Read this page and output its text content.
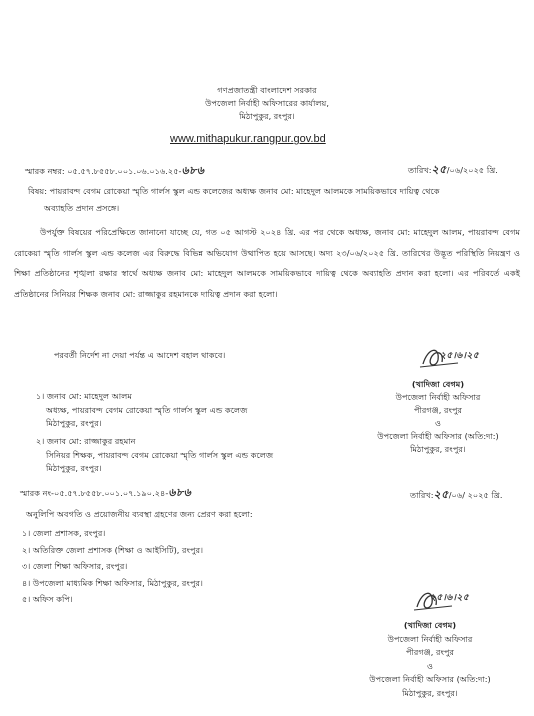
গণপ্রজাতন্ত্রী বাংলাদেশ সরকার
উপজেলা নির্বাহী অফিসারের কার্যালয়,
মিঠাপুকুর, রংপুর।
www.mithapukur.rangpur.gov.bd
স্মারক নম্বর: ০৫.৫৭.৮৫৫৮.০০১.০৬.০১৬.২৫-৬৮৬	তারিখ:২৫/০৬/২০২৫ খ্রি.
বিষয়: পায়রাবন্দ বেগম রোকেয়া স্মৃতি গার্লস স্কুল এন্ড কলেজের অধ্যক্ষ জনাব মো: মাহেদুল আলমকে সাময়িকভাবে দায়িত্ব থেকে
অব্যাহতি প্রদান প্রসঙ্গে।
উপর্যুক্ত বিষয়ের পরিপ্রেক্ষিতে জানানো যাচ্ছে যে, গত ০৫ আগস্ট ২০২৪ খ্রি. এর পর থেকে অধ্যক্ষ, জনাব মো: মাহেদুল আলম, পায়রাবন্দ বেগম রোকেয়া স্মৃতি গার্লস স্কুল এন্ড কলেজ এর বিরুদ্ধে বিভিন্ন অভিযোগ উত্থাপিত হয়ে আসছে। অদ্য ২৩/০৬/২০২৫ খ্রি. তারিখের উদ্ভূত পরিস্থিতি নিয়ন্ত্রণ ও শিক্ষা প্রতিষ্ঠানের শৃঙ্খলা রক্ষার স্বার্থে অধ্যক্ষ জনাব মো: মাহেদুল আলমকে সাময়িকভাবে দায়িত্ব থেকে অব্যাহতি প্রদান করা হলো। এর পরিবর্তে একই প্রতিষ্ঠানের সিনিয়র শিক্ষক জনাব মো: রাজ্জাকুর রহমানকে দায়িত্ব প্রদান করা হলো।
পরবর্তী নির্দেশ না দেয়া পর্যন্ত এ আদেশ বহাল থাকবে।	২৫।৬।২৫
(খাদিজা বেগম)
উপজেলা নির্বাহী অফিসার
পীরগঞ্জ, রংপুর
ও
উপজেলা নির্বাহী অফিসার (অতি:দা:)
মিঠাপুকুর, রংপুর।
১। জনাব মো: মাহেদুল আলম
অধ্যক্ষ, পায়রাবন্দ বেগম রোকেয়া স্মৃতি গার্লস স্কুল এন্ড কলেজ
মিঠাপুকুর, রংপুর।
২। জনাব মো: রাজ্জাকুর রহমান
সিনিয়র শিক্ষক, পায়রাবন্দ বেগম রোকেয়া স্মৃতি গার্লস স্কুল এন্ড কলেজ
মিঠাপুকুর, রংপুর।
স্মারক নং-০৫.৫৭.৮৫৫৮.০০১.০৭.১৯০.২৪-৬৮৬	তারিখ:২৫/০৬/ ২০২৫ খ্রি.
অনুলিপি অবগতি ও প্রয়োজনীয় ব্যবস্থা গ্রহণের জন্য প্রেরণ করা হলো:
১। জেলা প্রশাসক, রংপুর।
২। অতিরিক্ত জেলা প্রশাসক (শিক্ষা ও আইসিটি), রংপুর।
৩। জেলা শিক্ষা অফিসার, রংপুর।
৪। উপজেলা মাধ্যমিক শিক্ষা অফিসার, মিঠাপুকুর, রংপুর।
৫। অফিস কপি।	২৫।৬।২৫
(খাদিজা বেগম)
উপজেলা নির্বাহী অফিসার
পীরগঞ্জ, রংপুর
ও
উপজেলা নির্বাহী অফিসার (অতি:দা:)
মিঠাপুকুর, রংপুর।
